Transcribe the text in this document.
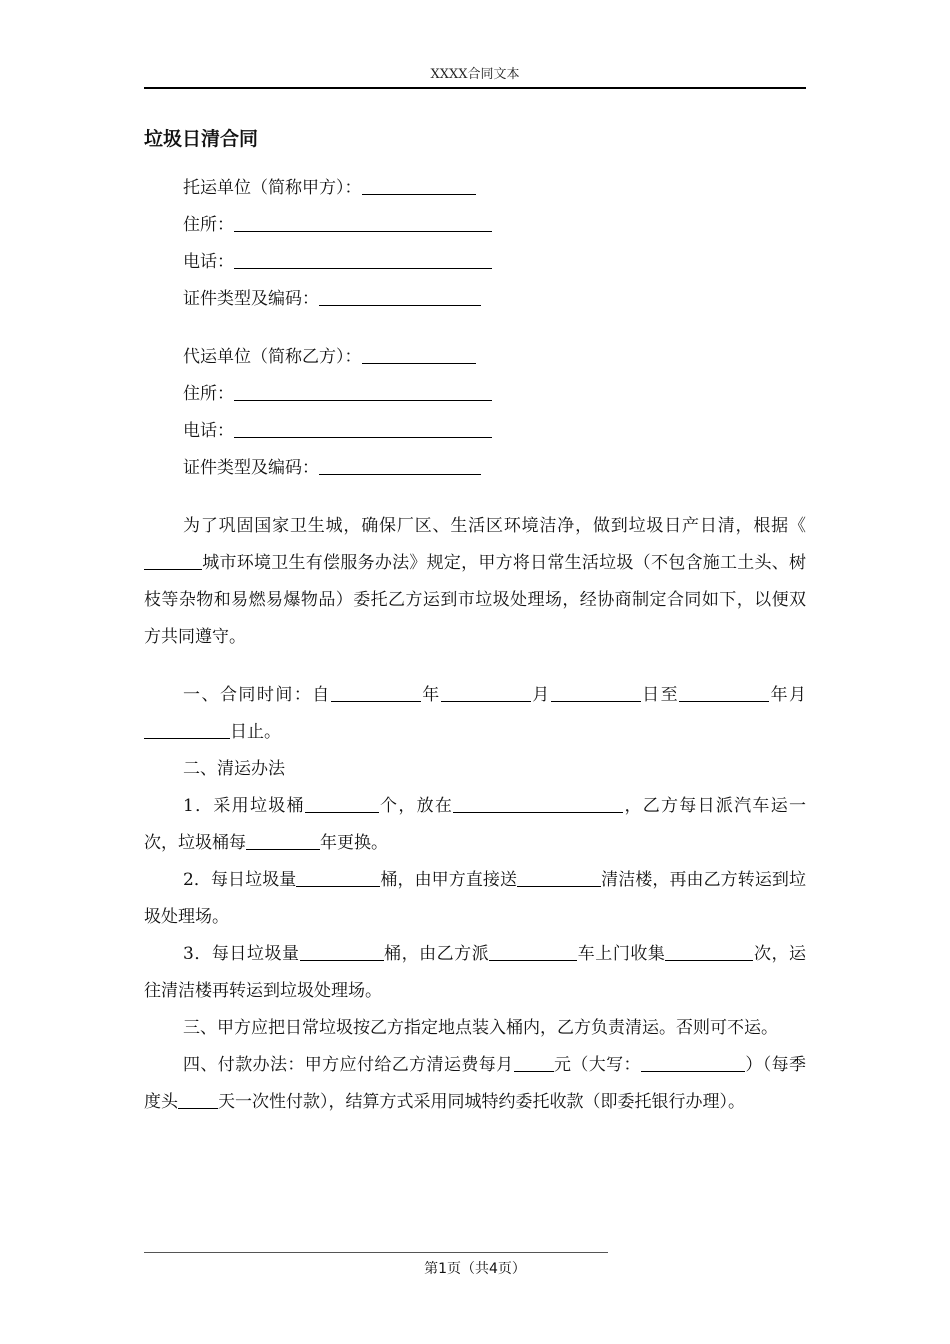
XXXX合同文本
垃圾日清合同
托运单位（简称甲方）：
住所：
电话：
证件类型及编码：
代运单位（简称乙方）：
住所：
电话：
证件类型及编码：

为了巩固国家卫生城，确保厂区、生活区环境洁净，做到垃圾日产日清，根据《城市环境卫生有偿服务办法》规定，甲方将日常生活垃圾（不包含施工土头、树枝等杂物和易燃易爆物品）委托乙方运到市垃圾处理场，经协商制定合同如下，以便双方共同遵守。

一、合同时间：自	年	月	日至	年月日止。

二、清运办法

1．采用垃圾桶	个，放在	，乙方每日派汽车运一次，垃圾桶每	年更换。

2．每日垃圾量	桶，由甲方直接送	清洁楼，再由乙方转运到垃圾处理场。

3．每日垃圾量	桶，由乙方派	车上门收集	次，运往清洁楼再转运到垃圾处理场。

三、甲方应把日常垃圾按乙方指定地点装入桶内，乙方负责清运。否则可不运。

四、付款办法：甲方应付给乙方清运费每月 元（大写：	）（每季度头 天一次性付款），结算方式采用同城特约委托收款（即委托银行办理）。

第1页（共4页）
